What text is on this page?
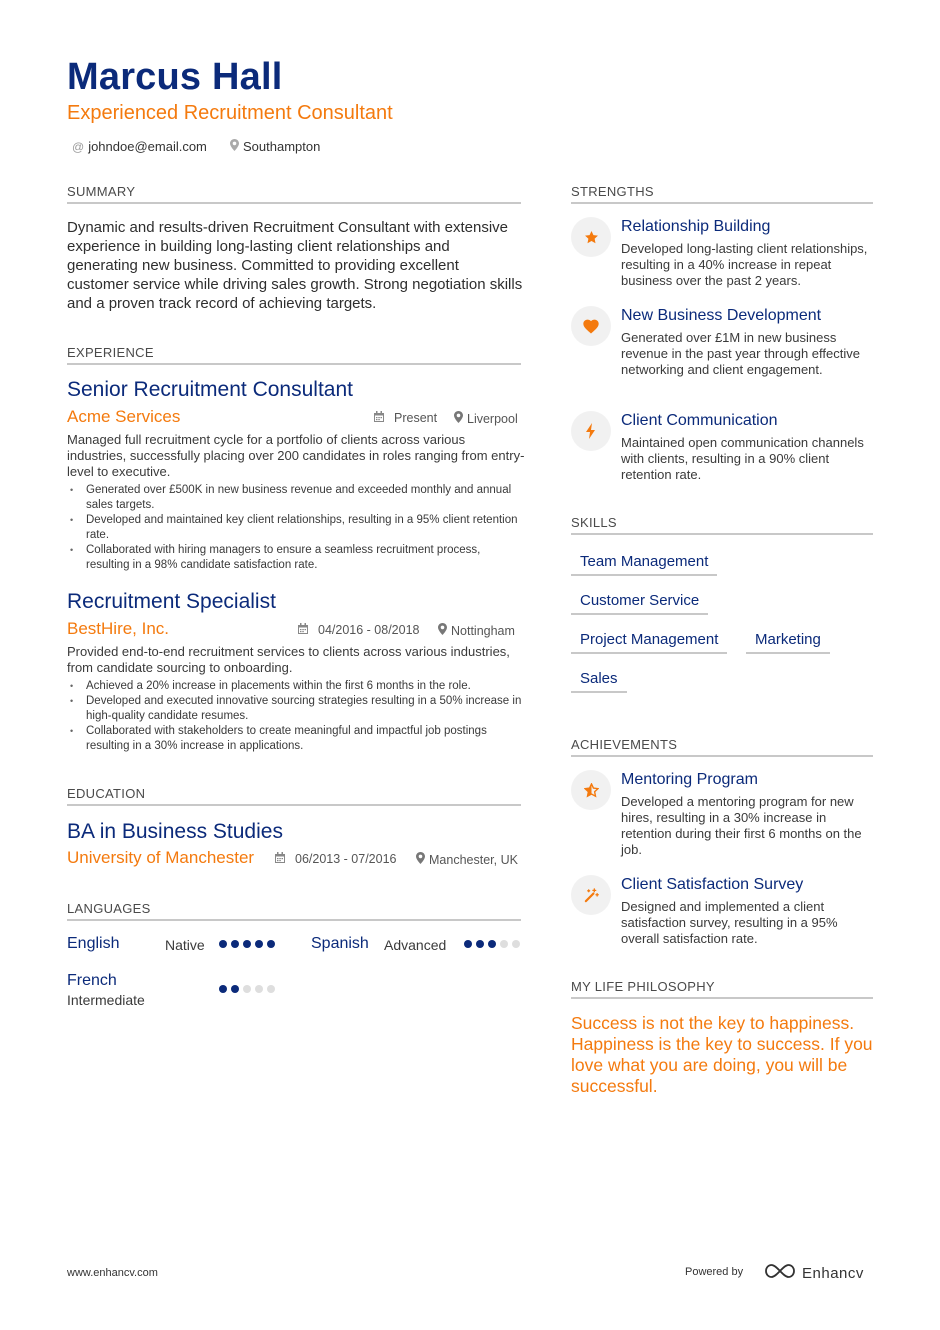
Marcus Hall
Experienced Recruitment Consultant
@ johndoe@email.com	Southampton
SUMMARY
Dynamic and results-driven Recruitment Consultant with extensive experience in building long-lasting client relationships and generating new business. Committed to providing excellent customer service while driving sales growth. Strong negotiation skills and a proven track record of achieving targets.
EXPERIENCE
Senior Recruitment Consultant
Acme Services	Present Liverpool
Managed full recruitment cycle for a portfolio of clients across various industries, successfully placing over 200 candidates in roles ranging from entry-level to executive.
• Generated over £500K in new business revenue and exceeded monthly and annual sales targets.
• Developed and maintained key client relationships, resulting in a 95% client retention rate.
• Collaborated with hiring managers to ensure a seamless recruitment process, resulting in a 98% candidate satisfaction rate.
Recruitment Specialist
BestHire, Inc.	04/2016 - 08/2018	Nottingham
Provided end-to-end recruitment services to clients across various industries, from candidate sourcing to onboarding.
• Achieved a 20% increase in placements within the first 6 months in the role.
• Developed and executed innovative sourcing strategies resulting in a 50% increase in high-quality candidate resumes.
• Collaborated with stakeholders to create meaningful and impactful job postings resulting in a 30% increase in applications.
EDUCATION
BA in Business Studies
University of Manchester	06/2013 - 07/2016	Manchester, UK
LANGUAGES
English	Native	Spanish Advanced
French
Intermediate
STRENGTHS
Relationship Building
Developed long-lasting client relationships, resulting in a 40% increase in repeat business over the past 2 years.
New Business Development
Generated over £1M in new business revenue in the past year through effective networking and client engagement.
Client Communication
Maintained open communication channels with clients, resulting in a 90% client retention rate.
SKILLS
Team Management
Customer Service
Project Management	Marketing
Sales
ACHIEVEMENTS
Mentoring Program
Developed a mentoring program for new hires, resulting in a 30% increase in retention during their first 6 months on the job.
Client Satisfaction Survey
Designed and implemented a client satisfaction survey, resulting in a 95% overall satisfaction rate.
MY LIFE PHILOSOPHY
Success is not the key to happiness. Happiness is the key to success. If you love what you are doing, you will be successful.
www.enhancv.com	Powered by	Enhancv
